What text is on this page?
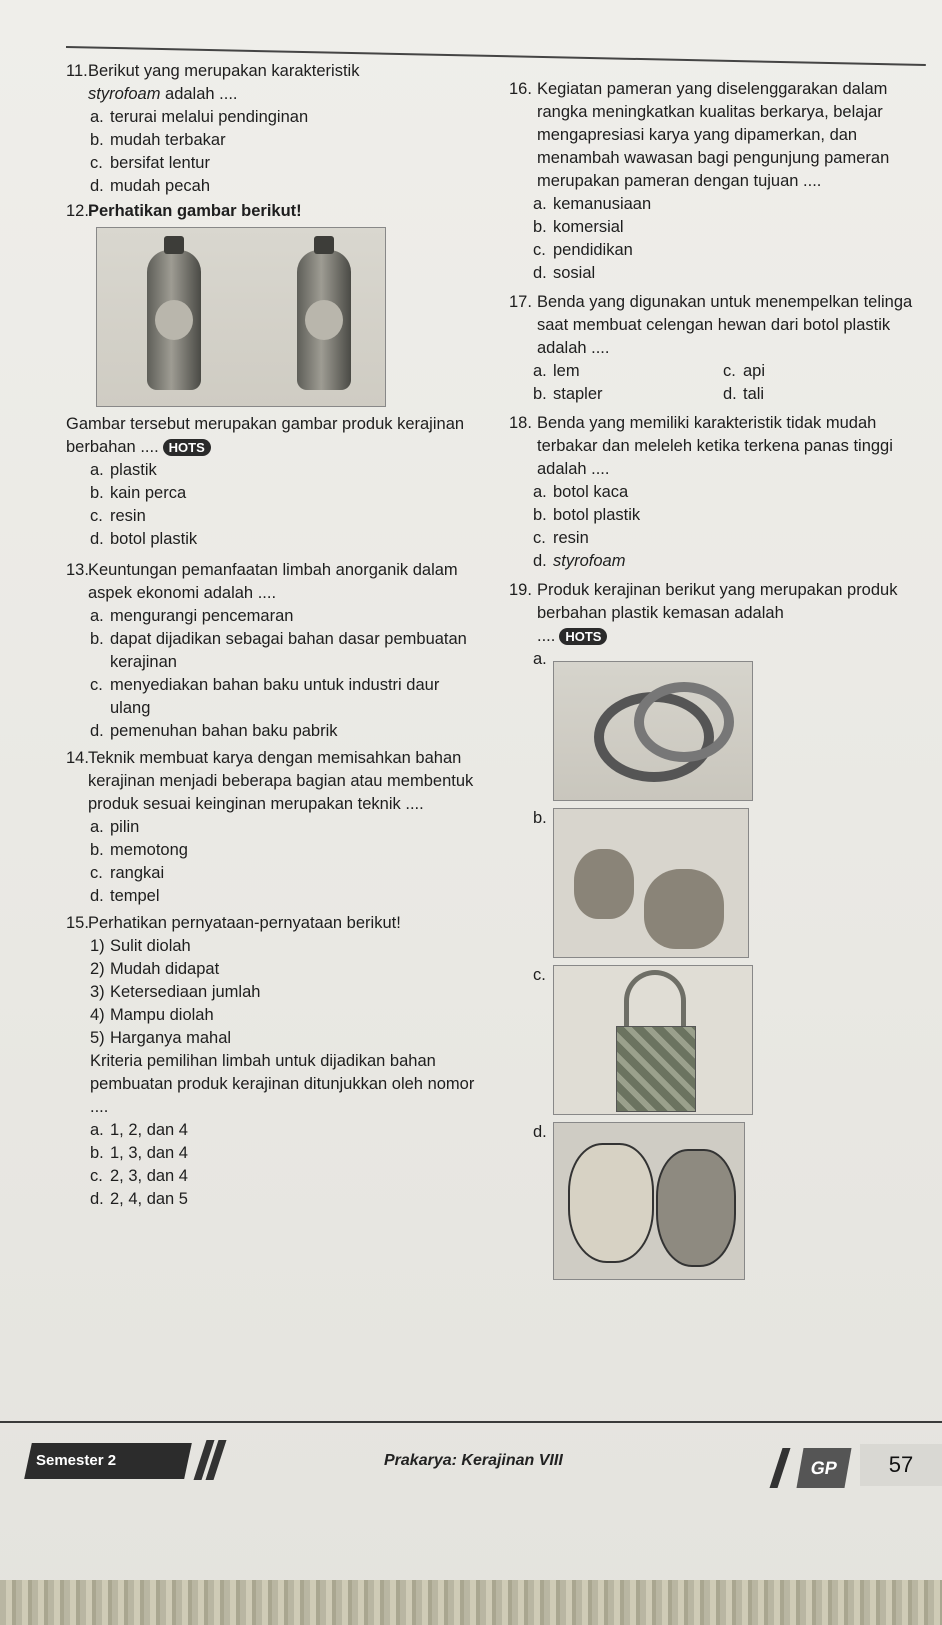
11. Berikut yang merupakan karakteristik
styrofoam adalah ....
a. terurai melalui pendinginan
b. mudah terbakar
c. bersifat lentur
d. mudah pecah
12. Perhatikan gambar berikut!
Gambar tersebut merupakan gambar produk kerajinan berbahan .... HOTS
a. plastik
b. kain perca
c. resin
d. botol plastik
13. Keuntungan pemanfaatan limbah anorganik dalam aspek ekonomi adalah ....
a. mengurangi pencemaran
b. dapat dijadikan sebagai bahan dasar pembuatan kerajinan
c. menyediakan bahan baku untuk industri daur ulang
d. pemenuhan bahan baku pabrik
14. Teknik membuat karya dengan memisahkan bahan kerajinan menjadi beberapa bagian atau membentuk produk sesuai keinginan merupakan teknik ....
a. pilin
b. memotong
c. rangkai
d. tempel
15. Perhatikan pernyataan-pernyataan berikut!
1) Sulit diolah
2) Mudah didapat
3) Ketersediaan jumlah
4) Mampu diolah
5) Harganya mahal
Kriteria pemilihan limbah untuk dijadikan bahan pembuatan produk kerajinan ditunjukkan oleh nomor ....
a. 1, 2, dan 4
b. 1, 3, dan 4
c. 2, 3, dan 4
d. 2, 4, dan 5
16. Kegiatan pameran yang diselenggarakan dalam rangka meningkatkan kualitas berkarya, belajar mengapresiasi karya yang dipamerkan, dan menambah wawasan bagi pengunjung pameran merupakan pameran dengan tujuan ....
a. kemanusiaan
b. komersial
c. pendidikan
d. sosial
17. Benda yang digunakan untuk menempelkan telinga saat membuat celengan hewan dari botol plastik adalah ....
a. lem	c. api
b. stapler	d. tali
18. Benda yang memiliki karakteristik tidak mudah terbakar dan meleleh ketika terkena panas tinggi adalah ....
a. botol kaca
b. botol plastik
c. resin
d. styrofoam
19. Produk kerajinan berikut yang merupakan produk berbahan plastik kemasan adalah
.... HOTS
a.
b.
c.
d.
Semester 2	Prakarya: Kerajinan VIII	GP	57
